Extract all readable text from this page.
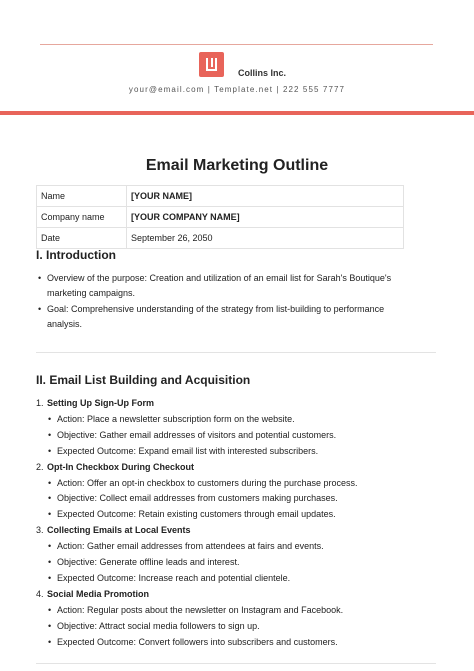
Collins Inc.
your@email.com | Template.net | 222 555 7777
Email Marketing Outline
Name	[YOUR NAME]
Company name	[YOUR COMPANY NAME]
Date	September 26, 2050
I. Introduction
• Overview of the purpose: Creation and utilization of an email list for Sarah's Boutique's marketing campaigns.
• Goal: Comprehensive understanding of the strategy from list-building to performance analysis.
II. Email List Building and Acquisition
1. Setting Up Sign-Up Form
• Action: Place a newsletter subscription form on the website.
• Objective: Gather email addresses of visitors and potential customers.
• Expected Outcome: Expand email list with interested subscribers.
2. Opt-In Checkbox During Checkout
• Action: Offer an opt-in checkbox to customers during the purchase process.
• Objective: Collect email addresses from customers making purchases.
• Expected Outcome: Retain existing customers through email updates.
3. Collecting Emails at Local Events
• Action: Gather email addresses from attendees at fairs and events.
• Objective: Generate offline leads and interest.
• Expected Outcome: Increase reach and potential clientele.
4. Social Media Promotion
• Action: Regular posts about the newsletter on Instagram and Facebook.
• Objective: Attract social media followers to sign up.
• Expected Outcome: Convert followers into subscribers and customers.
